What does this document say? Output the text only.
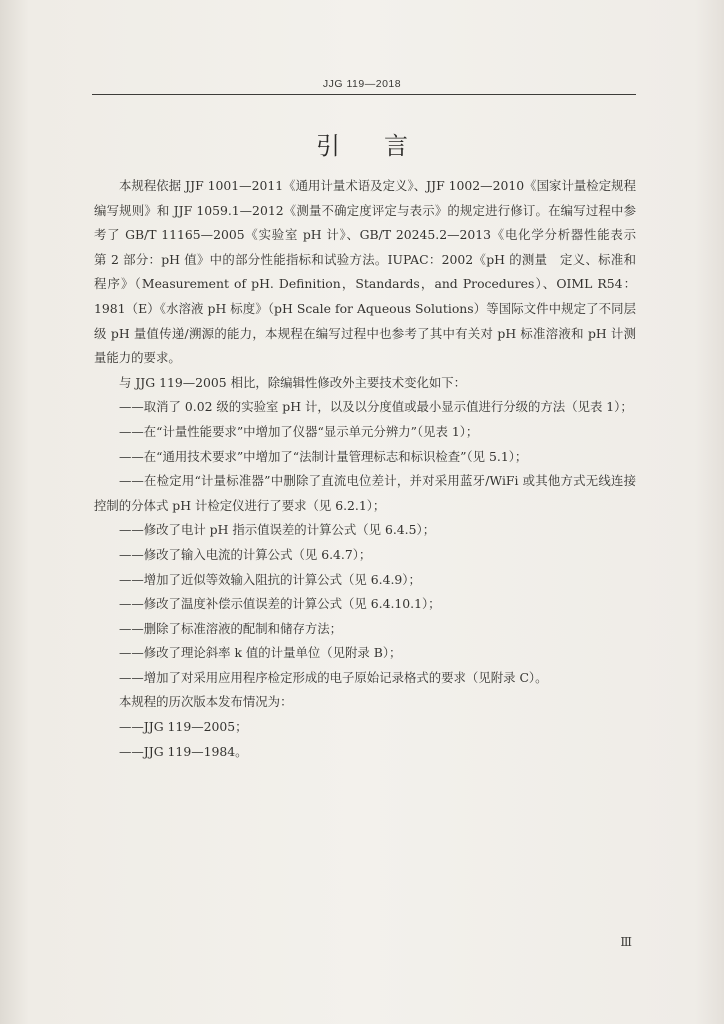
JJG 119—2018
引言

本规程依据 JJF 1001—2011《通用计量术语及定义》、JJF 1002—2010《国家计量检定规程编写规则》和 JJF 1059.1—2012《测量不确定度评定与表示》的规定进行修订。在编写过程中参考了 GB/T 11165—2005《实验室 pH 计》、GB/T 20245.2—2013《电化学分析器性能表示　第 2 部分：pH 值》中的部分性能指标和试验方法。IUPAC：2002《pH 的测量　定义、标准和程序》（Measurement of pH. Definition，Standards，and Procedures）、OIML R54：1981（E）《水溶液 pH 标度》（pH Scale for Aqueous Solutions）等国际文件中规定了不同层级 pH 量值传递/溯源的能力，本规程在编写过程中也参考了其中有关对 pH 标准溶液和 pH 计测量能力的要求。

与 JJG 119—2005 相比，除编辑性修改外主要技术变化如下：

——取消了 0.02 级的实验室 pH 计，以及以分度值或最小显示值进行分级的方法（见表 1）；

——在“计量性能要求”中增加了仪器“显示单元分辨力”（见表 1）；

——在“通用技术要求”中增加了“法制计量管理标志和标识检查”（见 5.1）；

——在检定用“计量标准器”中删除了直流电位差计，并对采用蓝牙/WiFi 或其他方式无线连接控制的分体式 pH 计检定仪进行了要求（见 6.2.1）；

——修改了电计 pH 指示值误差的计算公式（见 6.4.5）；

——修改了输入电流的计算公式（见 6.4.7）；

——增加了近似等效输入阻抗的计算公式（见 6.4.9）；

——修改了温度补偿示值误差的计算公式（见 6.4.10.1）；

——删除了标准溶液的配制和储存方法；

——修改了理论斜率 k 值的计量单位（见附录 B）；

——增加了对采用应用程序检定形成的电子原始记录格式的要求（见附录 C）。

本规程的历次版本发布情况为：

——JJG 119—2005；

——JJG 119—1984。

Ⅲ
